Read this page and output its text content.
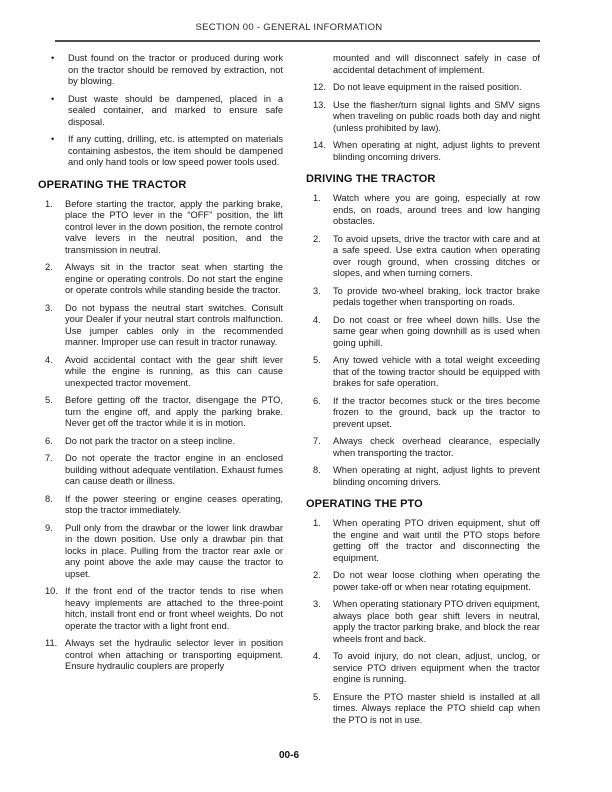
SECTION 00 - GENERAL INFORMATION
•	Dust found on the tractor or produced during work on the tractor should be removed by extraction, not by blowing.
•	Dust waste should be dampened, placed in a sealed container, and marked to ensure safe disposal.
•	If any cutting, drilling, etc. is attempted on materials containing asbestos, the item should be dampened and only hand tools or low speed power tools used.
OPERATING THE TRACTOR
1.	Before starting the tractor, apply the parking brake, place the PTO lever in the “OFF” position, the lift control lever in the down position, the remote control valve levers in the neutral position, and the transmission in neutral.
2.	Always sit in the tractor seat when starting the engine or operating controls. Do not start the engine or operate controls while standing beside the tractor.
3.	Do not bypass the neutral start switches. Consult your Dealer if your neutral start controls malfunction. Use jumper cables only in the recommended manner. Improper use can result in tractor runaway.
4.	Avoid accidental contact with the gear shift lever while the engine is running, as this can cause unexpected tractor movement.
5.	Before getting off the tractor, disengage the PTO, turn the engine off, and apply the parking brake. Never get off the tractor while it is in motion.
6.	Do not park the tractor on a steep incline.
7.	Do not operate the tractor engine in an enclosed building without adequate ventilation. Exhaust fumes can cause death or illness.
8.	If the power steering or engine ceases operating, stop the tractor immediately.
9.	Pull only from the drawbar or the lower link drawbar in the down position. Use only a drawbar pin that locks in place. Pulling from the tractor rear axle or any point above the axle may cause the tractor to upset.
10. If the front end of the tractor tends to rise when heavy implements are attached to the three-point hitch, install front end or front wheel weights. Do not operate the tractor with a light front end.
11. Always set the hydraulic selector lever in position control when attaching or transporting equipment. Ensure hydraulic couplers are properly
mounted and will disconnect safely in case of accidental detachment of implement.
12. Do not leave equipment in the raised position.
13. Use the flasher/turn signal lights and SMV signs when traveling on public roads both day and night (unless prohibited by law).
14. When operating at night, adjust lights to prevent blinding oncoming drivers.
DRIVING THE TRACTOR
1.	Watch where you are going, especially at row ends, on roads, around trees and low hanging obstacles.
2.	To avoid upsets, drive the tractor with care and at a safe speed. Use extra caution when operating over rough ground, when crossing ditches or slopes, and when turning corners.
3.	To provide two-wheel braking, lock tractor brake pedals together when transporting on roads.
4.	Do not coast or free wheel down hills. Use the same gear when going downhill as is used when going uphill.
5.	Any towed vehicle with a total weight exceeding that of the towing tractor should be equipped with brakes for safe operation.
6.	If the tractor becomes stuck or the tires become frozen to the ground, back up the tractor to prevent upset.
7.	Always check overhead clearance, especially when transporting the tractor.
8.	When operating at night, adjust lights to prevent blinding oncoming drivers.
OPERATING THE PTO
1.	When operating PTO driven equipment, shut off the engine and wait until the PTO stops before getting off the tractor and disconnecting the equipment.
2.	Do not wear loose clothing when operating the power take-off or when near rotating equipment.
3.	When operating stationary PTO driven equipment, always place both gear shift levers in neutral, apply the tractor parking brake, and block the rear wheels front and back.
4.	To avoid injury, do not clean, adjust, unclog, or service PTO driven equipment when the tractor engine is running.
5.	Ensure the PTO master shield is installed at all times. Always replace the PTO shield cap when the PTO is not in use.
00-6
